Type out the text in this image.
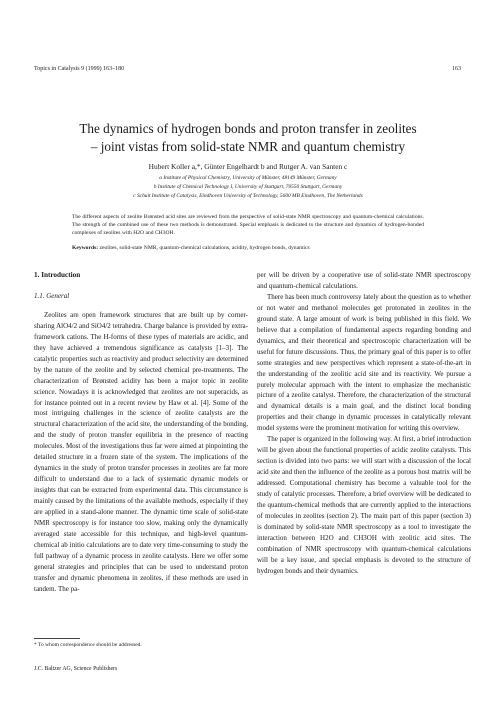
Topics in Catalysis 9 (1999) 163–180	163
The dynamics of hydrogen bonds and proton transfer in zeolites
– joint vistas from solid-state NMR and quantum chemistry
Hubert Koller a,*, Günter Engelhardt b and Rutger A. van Santen c
a Institute of Physical Chemistry, University of Münster, 48149 Münster, Germany
b Institute of Chemical Technology I, University of Stuttgart, 70550 Stuttgart, Germany
c Schuit Institute of Catalysis, Eindhoven University of Technology, 5600 MB Eindhoven, The Netherlands
The different aspects of zeolite Brønsted acid sites are reviewed from the perspective of solid-state NMR spectroscopy and quantum-chemical calculations. The strength of the combined use of these two methods is demonstrated. Special emphasis is dedicated to the structure and dynamics of hydrogen-bonded complexes of zeolites with H2O and CH3OH.
Keywords: zeolites, solid-state NMR, quantum-chemical calculations, acidity, hydrogen bonds, dynamics
1. Introduction
1.1. General

Zeolites are open framework structures that are built up by corner-sharing AlO4/2 and SiO4/2 tetrahedra. Charge balance is provided by extra-framework cations. The H-forms of these types of materials are acidic, and they have achieved a tremendous significance as catalysts [1–3]. The catalytic properties such as reactivity and product selectivity are determined by the nature of the zeolite and by selected chemical pre-treatments. The characterization of Brønsted acidity has been a major topic in zeolite science. Nowadays it is acknowledged that zeolites are not superacids, as for instance pointed out in a recent review by Haw et al. [4]. Some of the most intriguing challenges in the science of zeolite catalysts are the structural characterization of the acid site, the understanding of the bonding, and the study of proton transfer equilibria in the presence of reacting molecules. Most of the investigations thus far were aimed at pinpointing the detailed structure in a frozen state of the system. The implications of the dynamics in the study of proton transfer processes in zeolites are far more difficult to understand due to a lack of systematic dynamic models or insights that can be extracted from experimental data. This circumstance is mainly caused by the limitations of the available methods, especially if they are applied in a stand-alone manner. The dynamic time scale of solid-state NMR spectroscopy is for instance too slow, making only the dynamically averaged state accessible for this technique, and high-level quantum-chemical ab initio calculations are to date very time-consuming to study the full pathway of a dynamic process in zeolite catalysts. Here we offer some general strategies and principles that can be used to understand proton transfer and dynamic phenomena in zeolites, if these methods are used in tandem. The pa-

per will be driven by a cooperative use of solid-state NMR spectroscopy and quantum-chemical calculations.

There has been much controversy lately about the question as to whether or not water and methanol molecules get protonated in zeolites in the ground state. A large amount of work is being published in this field. We believe that a compilation of fundamental aspects regarding bonding and dynamics, and their theoretical and spectroscopic characterization will be useful for future discussions. Thus, the primary goal of this paper is to offer some strategies and new perspectives which represent a state-of-the-art in the understanding of the zeolitic acid site and its reactivity. We pursue a purely molecular approach with the intent to emphasize the mechanistic picture of a zeolite catalyst. Therefore, the characterization of the structural and dynamical details is a main goal, and the distinct local bonding properties and their change in dynamic processes in catalytically relevant model systems were the prominent motivation for writing this overview.

The paper is organized in the following way. At first, a brief introduction will be given about the functional properties of acidic zeolite catalysts. This section is divided into two parts: we will start with a discussion of the local acid site and then the influence of the zeolite as a porous host matrix will be addressed. Computational chemistry has become a valuable tool for the study of catalytic processes. Therefore, a brief overview will be dedicated to the quantum-chemical methods that are currently applied to the interactions of molecules in zeolites (section 2). The main part of this paper (section 3) is dominated by solid-state NMR spectroscopy as a tool to investigate the interaction between H2O and CH3OH with zeolitic acid sites. The combination of NMR spectroscopy with quantum-chemical calculations will be a key issue, and special emphasis is devoted to the structure of hydrogen bonds and their dynamics.

* To whom correspondence should be addressed.
J.C. Baltzer AG, Science Publishers
